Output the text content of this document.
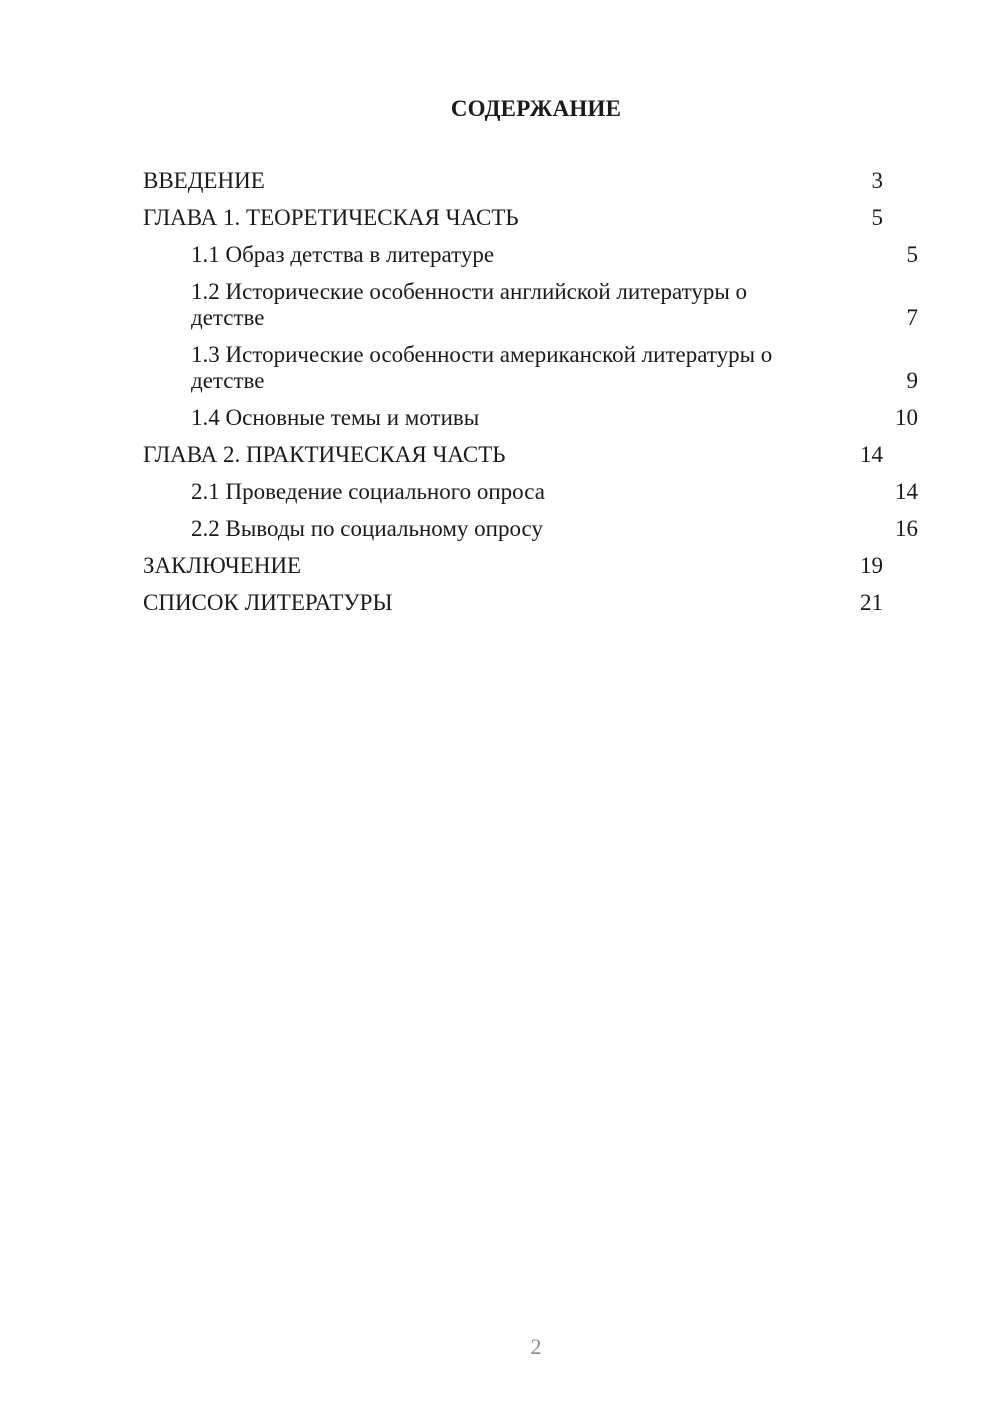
СОДЕРЖАНИЕ
ВВЕДЕНИЕ	3
ГЛАВА 1. ТЕОРЕТИЧЕСКАЯ ЧАСТЬ	5
1.1 Образ детства в литературе	5
1.2 Исторические особенности английской литературы о
детстве	7
1.3 Исторические особенности американской литературы о
детстве	9
1.4 Основные темы и мотивы	10
ГЛАВА 2. ПРАКТИЧЕСКАЯ ЧАСТЬ	14
2.1 Проведение социального опроса	14
2.2 Выводы по социальному опросу	16
ЗАКЛЮЧЕНИЕ	19
СПИСОК ЛИТЕРАТУРЫ	21
2
